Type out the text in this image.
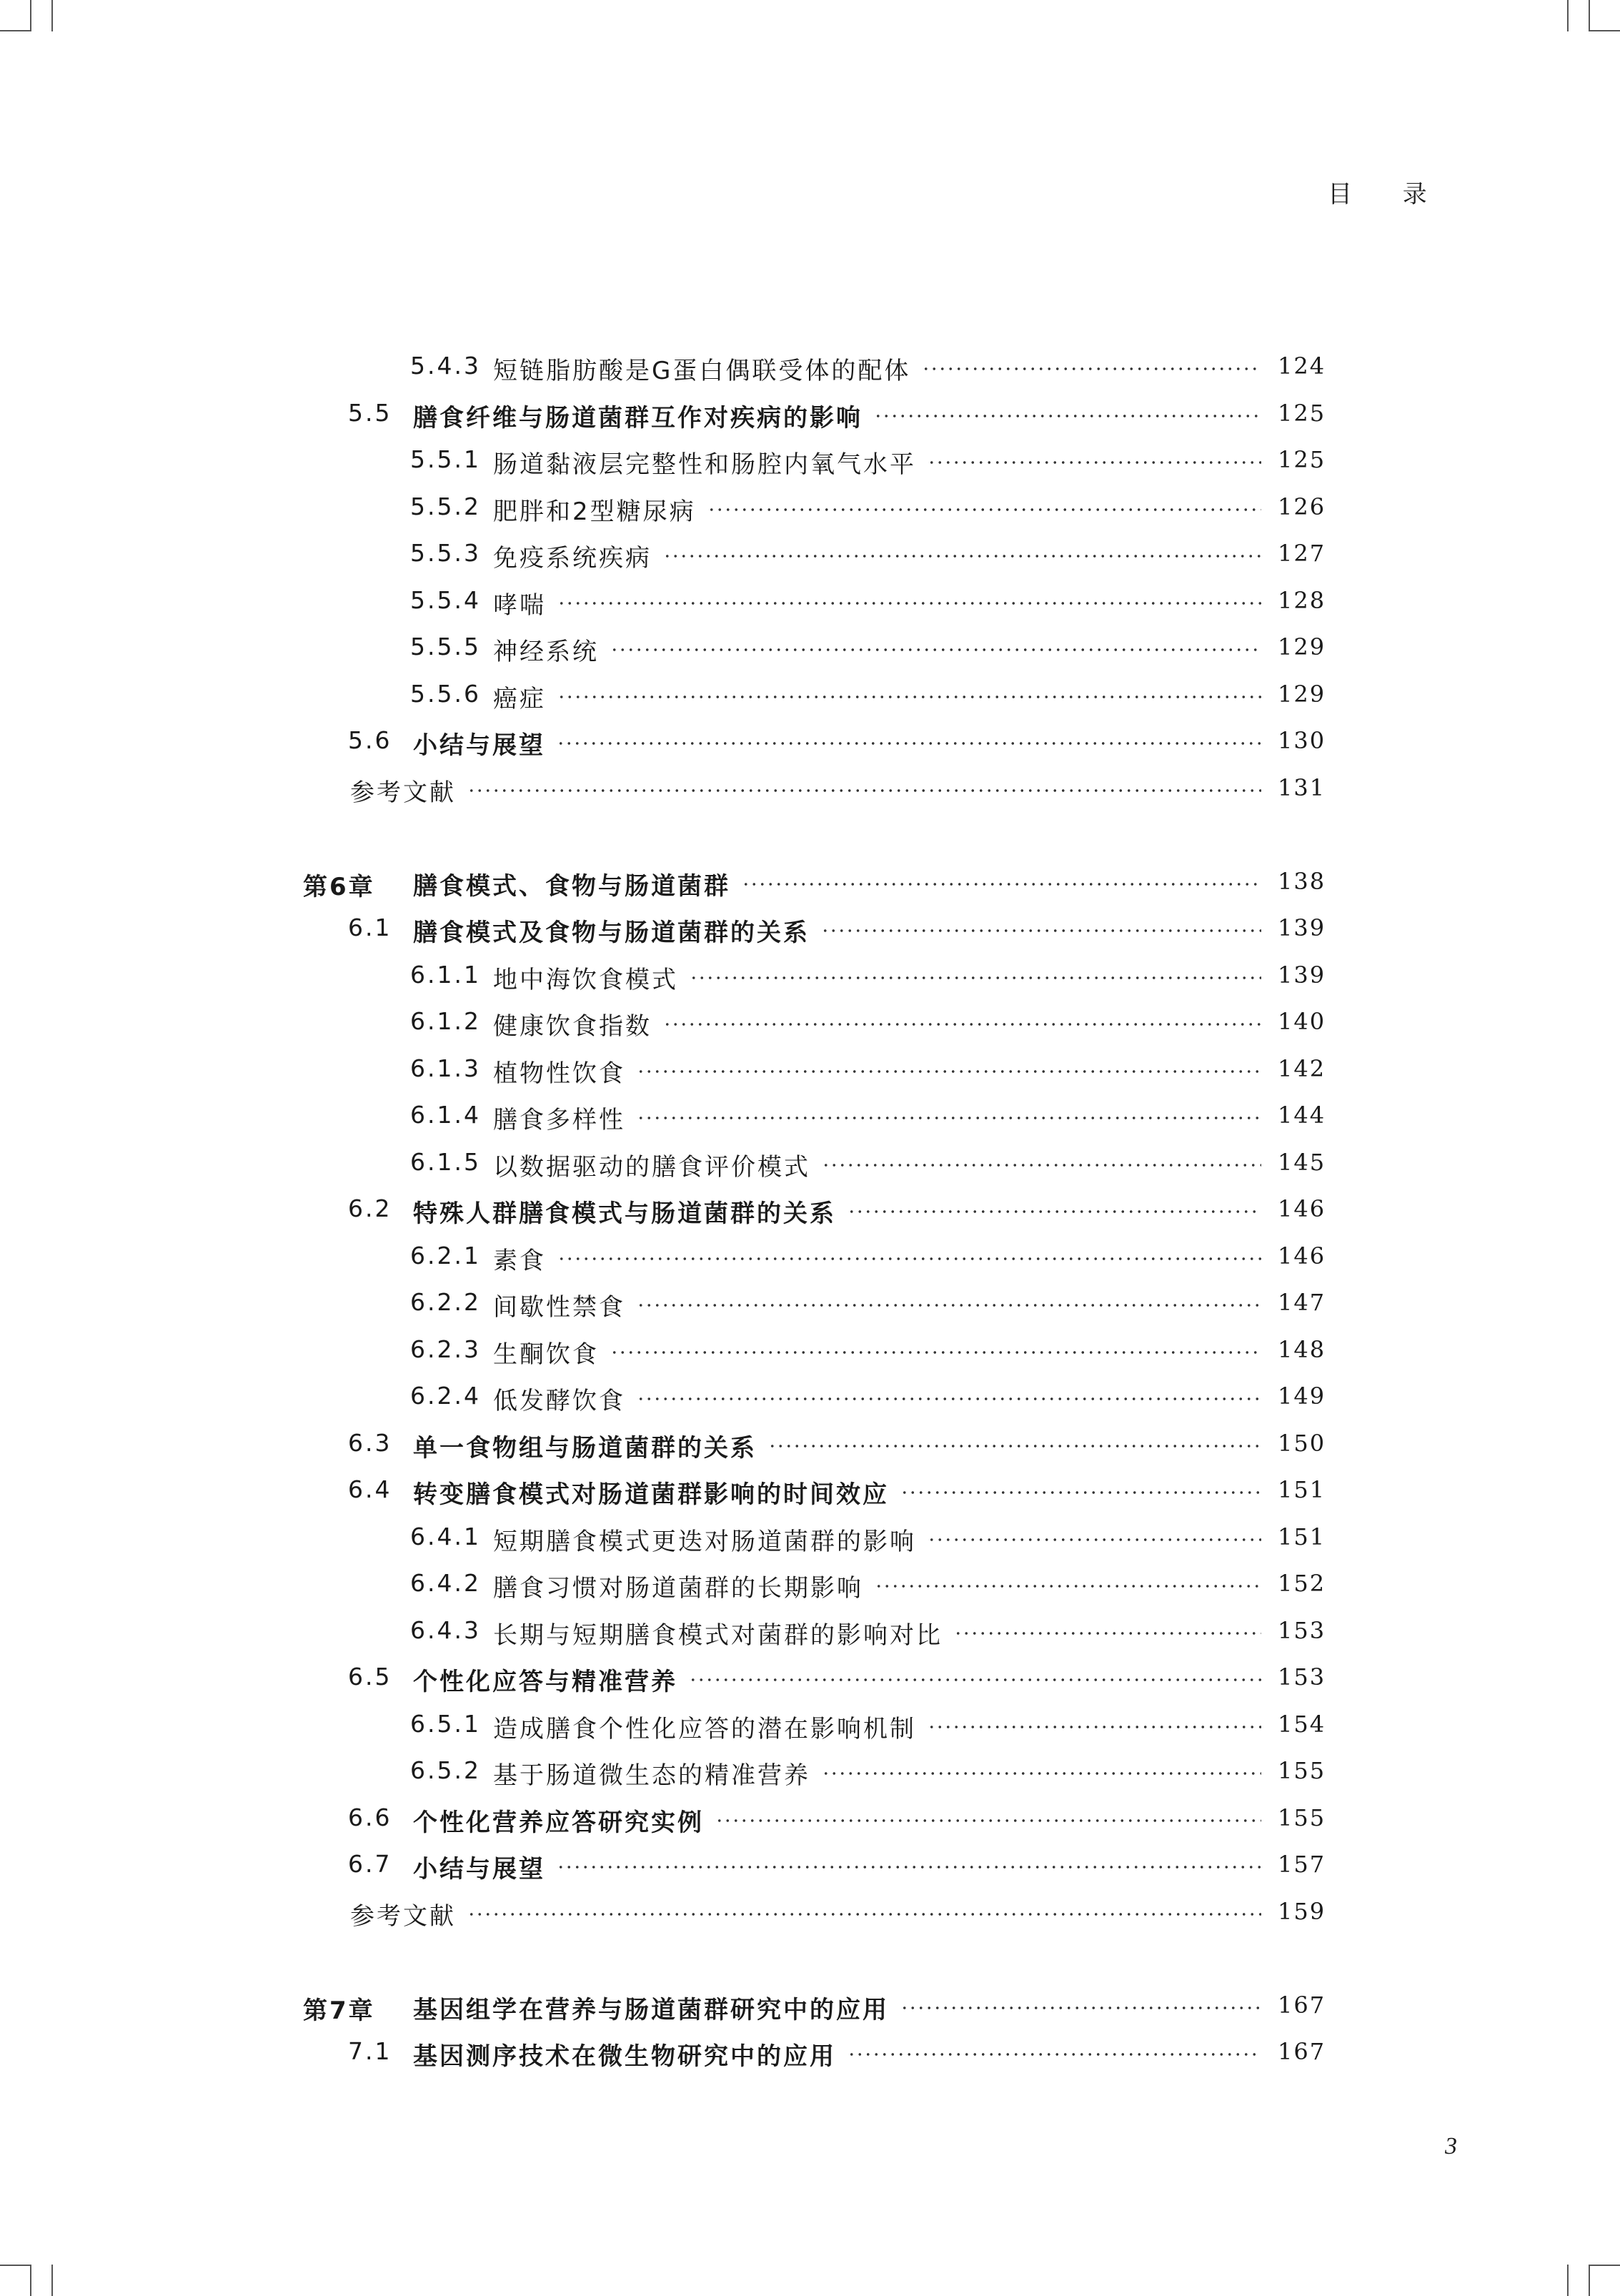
目 录
5.4.3 短链脂肪酸是G蛋白偶联受体的配体	124
5.5 膳食纤维与肠道菌群互作对疾病的影响	125
5.5.1 肠道黏液层完整性和肠腔内氧气水平	125
5.5.2 肥胖和2型糖尿病	126
5.5.3 免疫系统疾病	127
5.5.4 哮喘	128
5.5.5 神经系统	129
5.5.6 癌症	129
5.6 小结与展望	130
参考文献	131
第6章 膳食模式、食物与肠道菌群	138
6.1 膳食模式及食物与肠道菌群的关系	139
6.1.1 地中海饮食模式	139
6.1.2 健康饮食指数	140
6.1.3 植物性饮食	142
6.1.4 膳食多样性	144
6.1.5 以数据驱动的膳食评价模式	145
6.2 特殊人群膳食模式与肠道菌群的关系	146
6.2.1 素食	146
6.2.2 间歇性禁食	147
6.2.3 生酮饮食	148
6.2.4 低发酵饮食	149
6.3 单一食物组与肠道菌群的关系	150
6.4 转变膳食模式对肠道菌群影响的时间效应	151
6.4.1 短期膳食模式更迭对肠道菌群的影响	151
6.4.2 膳食习惯对肠道菌群的长期影响	152
6.4.3 长期与短期膳食模式对菌群的影响对比	153
6.5 个性化应答与精准营养	153
6.5.1 造成膳食个性化应答的潜在影响机制	154
6.5.2 基于肠道微生态的精准营养	155
6.6 个性化营养应答研究实例	155
6.7 小结与展望	157
参考文献	159
第7章 基因组学在营养与肠道菌群研究中的应用	167
7.1 基因测序技术在微生物研究中的应用	167
3
